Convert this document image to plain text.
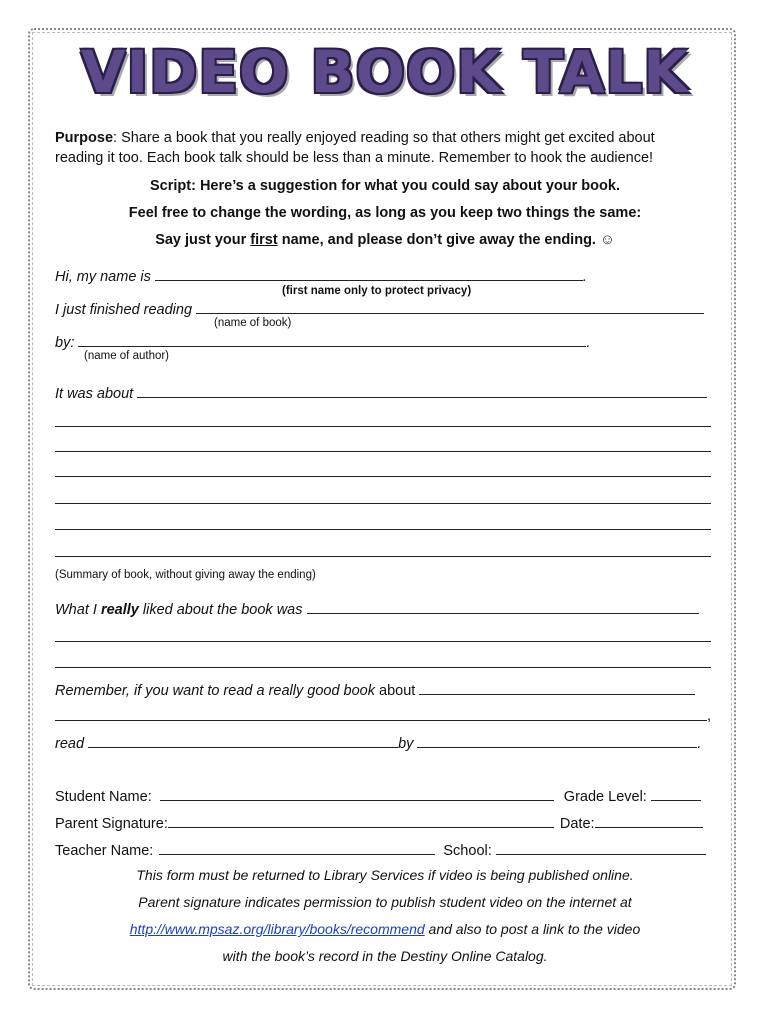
VIDEO BOOK TALK
Purpose: Share a book that you really enjoyed reading so that others might get excited about
reading it too. Each book talk should be less than a minute. Remember to hook the audience!
Script: Here’s a suggestion for what you could say about your book.
Feel free to change the wording, as long as you keep two things the same:
Say just your first name, and please don’t give away the ending. ☺
Hi, my name is	.
(first name only to protect privacy)
I just finished reading
(name of book)
by:	.
(name of author)
It was about
(Summary of book, without giving away the ending)
What I really liked about the book was
Remember, if you want to read a really good book about
,
read	by	.
Student Name:	Grade Level:
Parent Signature:	Date:
Teacher Name:	School:
This form must be returned to Library Services if video is being published online.
Parent signature indicates permission to publish student video on the internet at
http://www.mpsaz.org/library/books/recommend and also to post a link to the video
with the book’s record in the Destiny Online Catalog.
